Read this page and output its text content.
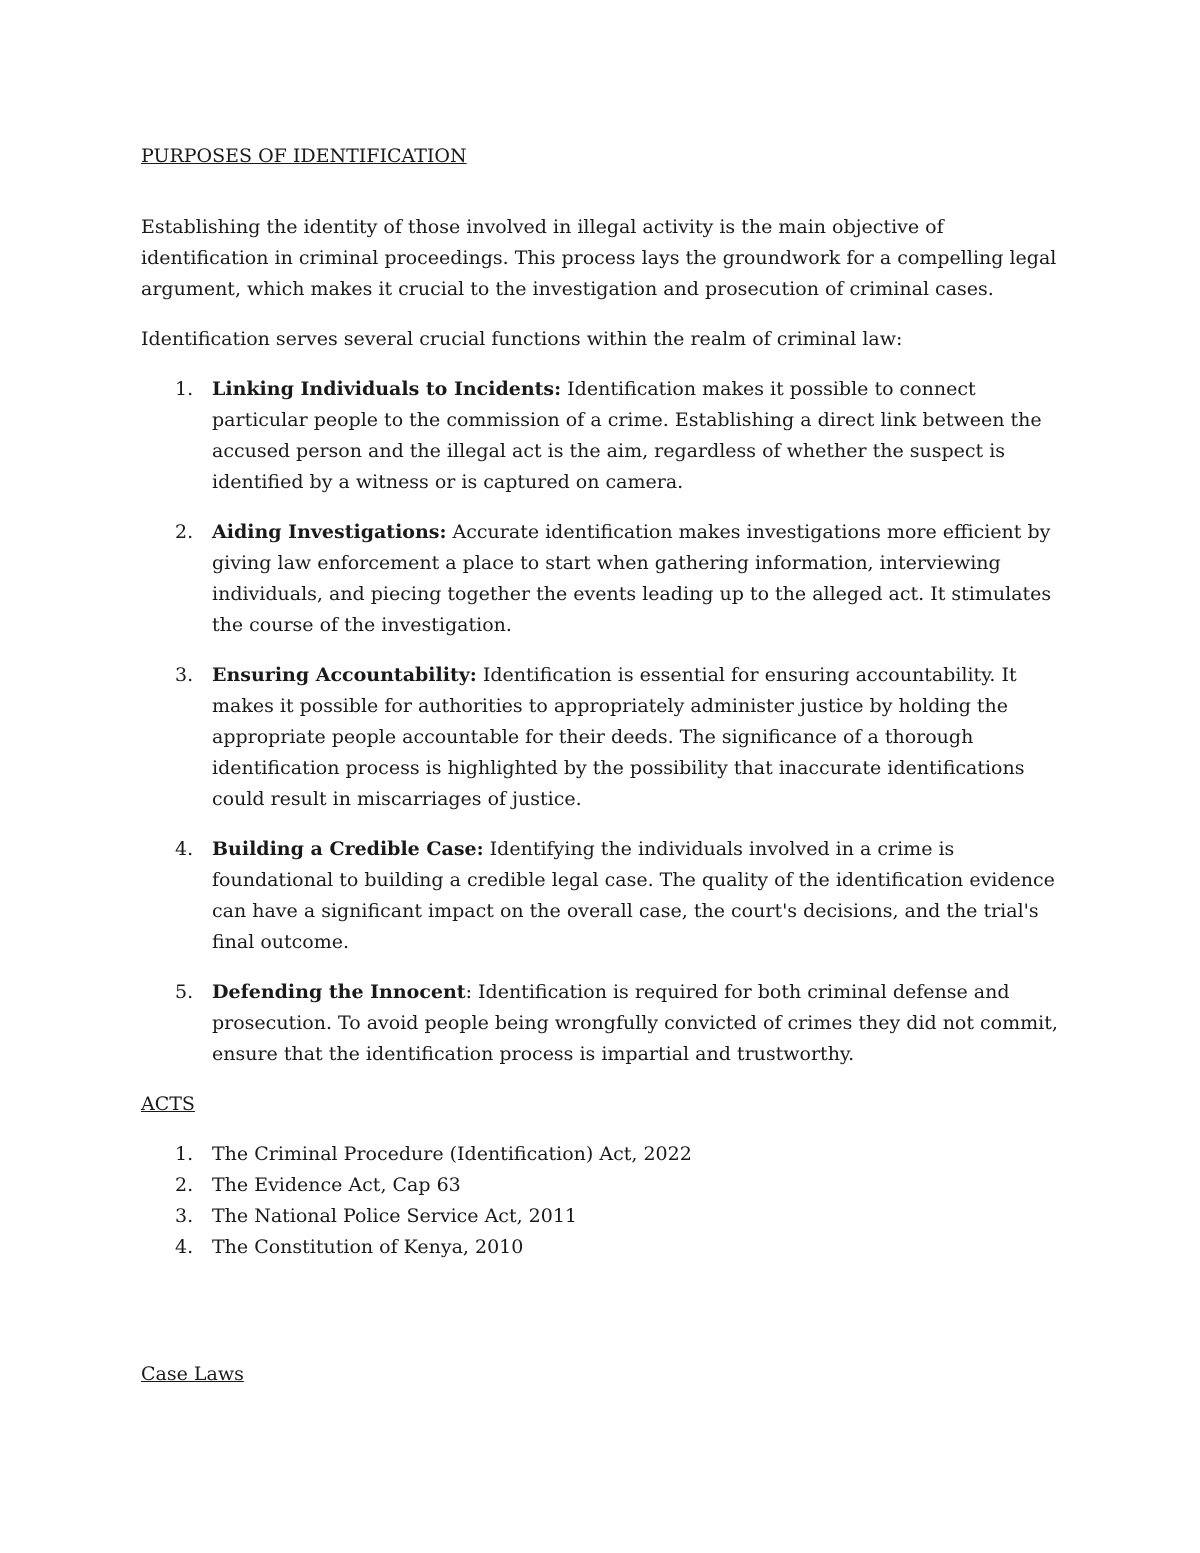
PURPOSES OF IDENTIFICATION

Establishing the identity of those involved in illegal activity is the main objective of identification in criminal proceedings. This process lays the groundwork for a compelling legal argument, which makes it crucial to the investigation and prosecution of criminal cases.

Identification serves several crucial functions within the realm of criminal law:

1. Linking Individuals to Incidents: Identification makes it possible to connect particular people to the commission of a crime. Establishing a direct link between the accused person and the illegal act is the aim, regardless of whether the suspect is identified by a witness or is captured on camera.
2. Aiding Investigations: Accurate identification makes investigations more efficient by giving law enforcement a place to start when gathering information, interviewing individuals, and piecing together the events leading up to the alleged act. It stimulates the course of the investigation.
3. Ensuring Accountability: Identification is essential for ensuring accountability. It makes it possible for authorities to appropriately administer justice by holding the appropriate people accountable for their deeds. The significance of a thorough identification process is highlighted by the possibility that inaccurate identifications could result in miscarriages of justice.
4. Building a Credible Case: Identifying the individuals involved in a crime is foundational to building a credible legal case. The quality of the identification evidence can have a significant impact on the overall case, the court's decisions, and the trial's final outcome.
5. Defending the Innocent: Identification is required for both criminal defense and prosecution. To avoid people being wrongfully convicted of crimes they did not commit, ensure that the identification process is impartial and trustworthy.
ACTS
1. The Criminal Procedure (Identification) Act, 2022
2. The Evidence Act, Cap 63
3. The National Police Service Act, 2011
4. The Constitution of Kenya, 2010
Case Laws
